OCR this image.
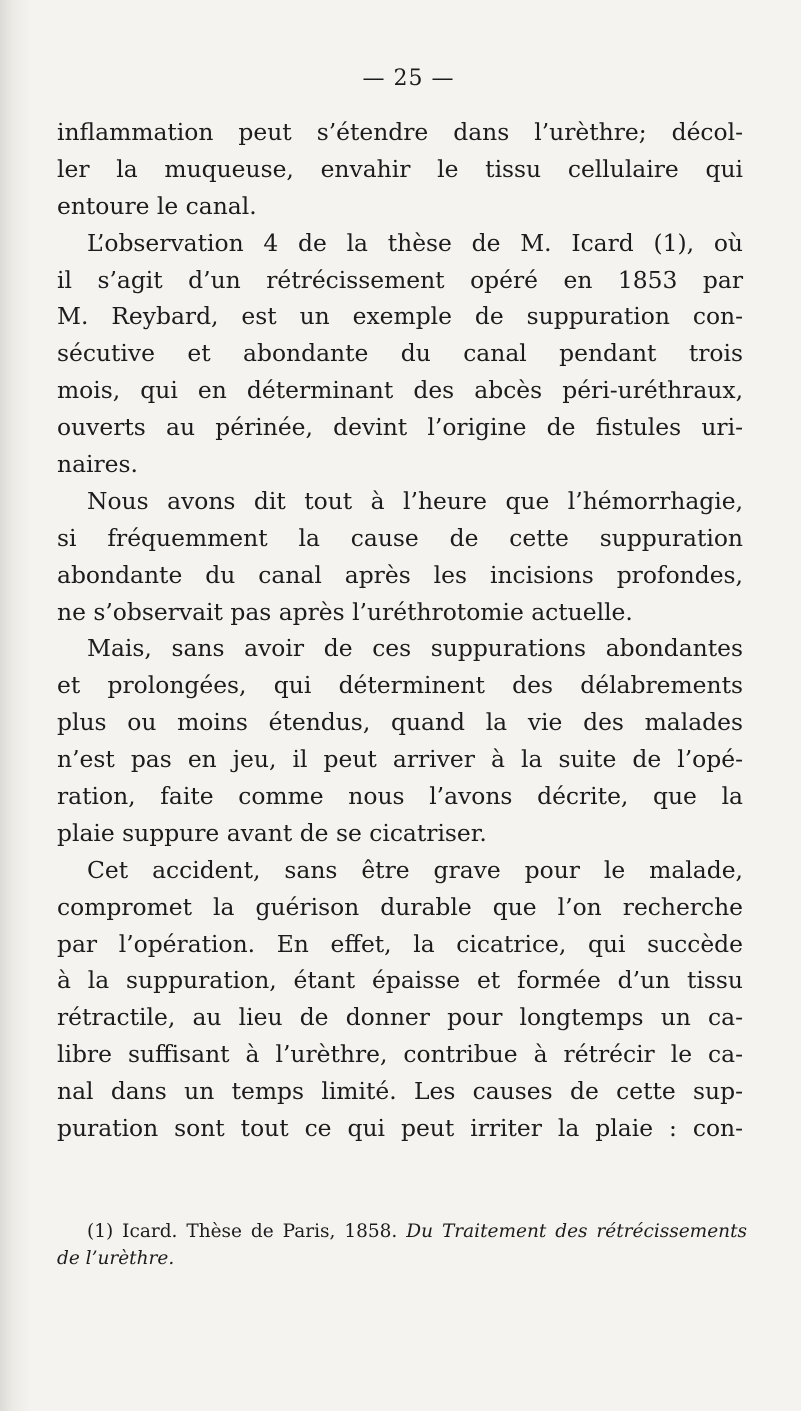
— 25 —
inflammation peut s’étendre dans l’urèthre; décol-
ler la muqueuse, envahir le tissu cellulaire qui
entoure le canal.
L’observation 4 de la thèse de M. Icard (1), où
il s’agit d’un rétrécissement opéré en 1853 par
M. Reybard, est un exemple de suppuration con-
sécutive et abondante du canal pendant trois
mois, qui en déterminant des abcès péri-uréthraux,
ouverts au périnée, devint l’origine de fistules uri-
naires.
Nous avons dit tout à l’heure que l’hémorrhagie,
si fréquemment la cause de cette suppuration
abondante du canal après les incisions profondes,
ne s’observait pas après l’uréthrotomie actuelle.
Mais, sans avoir de ces suppurations abondantes
et prolongées, qui déterminent des délabrements
plus ou moins étendus, quand la vie des malades
n’est pas en jeu, il peut arriver à la suite de l’opé-
ration, faite comme nous l’avons décrite, que la
plaie suppure avant de se cicatriser.
Cet accident, sans être grave pour le malade,
compromet la guérison durable que l’on recherche
par l’opération. En effet, la cicatrice, qui succède
à la suppuration, étant épaisse et formée d’un tissu
rétractile, au lieu de donner pour longtemps un ca-
libre suffisant à l’urèthre, contribue à rétrécir le ca-
nal dans un temps limité. Les causes de cette sup-
puration sont tout ce qui peut irriter la plaie : con-
(1) Icard. Thèse de Paris, 1858. Du Traitement des rétrécissements
de l’urèthre.
